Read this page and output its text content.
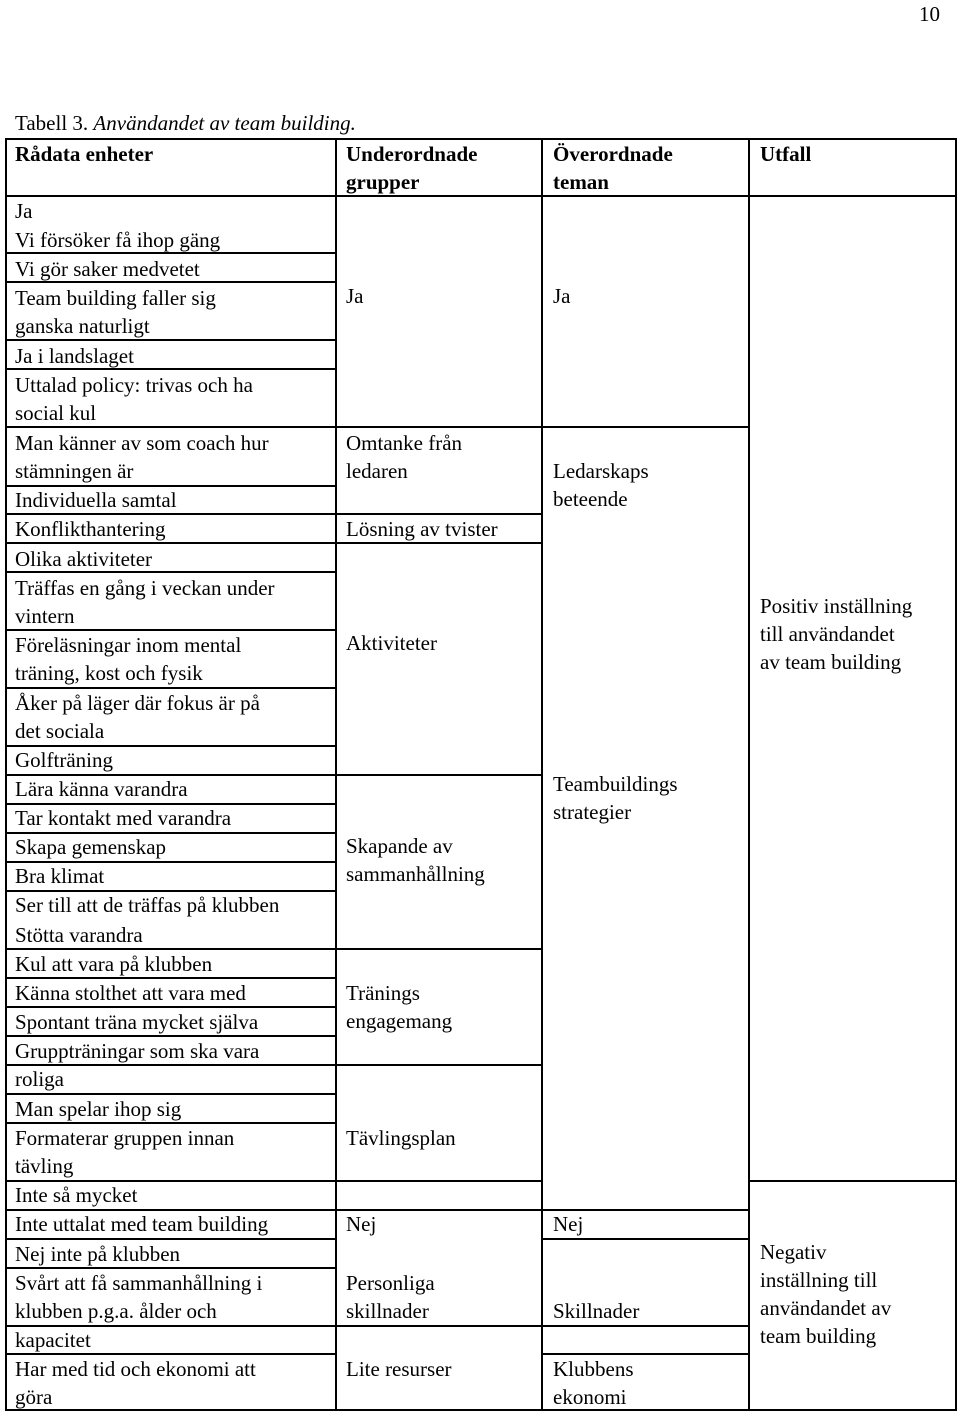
10
Tabell 3. Användandet av team building.
Rådata enheter	Underordnade
grupper
Överordnade
teman
Utfall
Ja
Vi försöker få ihop gäng
Vi gör saker medvetet
Team building faller sig
ganska naturligt
Ja i landslaget
Uttalad policy: trivas och ha
social kul
Man känner av som coach hur
stämningen är
Individuella samtal
Konflikthantering
Olika aktiviteter
Träffas en gång i veckan under
vintern
Föreläsningar inom mental
träning, kost och fysik
Åker på läger där fokus är på
det sociala
Golfträning
Lära känna varandra
Tar kontakt med varandra
Skapa gemenskap
Bra klimat
Ser till att de träffas på klubben
Stötta varandra
Kul att vara på klubben
Känna stolthet att vara med
Spontant träna mycket själva
Gruppträningar som ska vara
roliga
Man spelar ihop sig
Formaterar gruppen innan
tävling
Inte så mycket
Inte uttalat med team building
Nej inte på klubben
Svårt att få sammanhållning i
klubben p.g.a. ålder och
kapacitet
Har med tid och ekonomi att
göra
Ja
Omtanke från
ledaren
Lösning av tvister
Aktiviteter
Skapande av
sammanhållning
Tränings
engagemang
Tävlingsplan
Nej
Personliga
skillnader
Lite resurser
Ja
Ledarskaps
beteende
Teambuildings
strategier
Nej
Skillnader
Klubbens
ekonomi
Positiv inställning
till användandet
av team building
Negativ
inställning till
användandet av
team building
